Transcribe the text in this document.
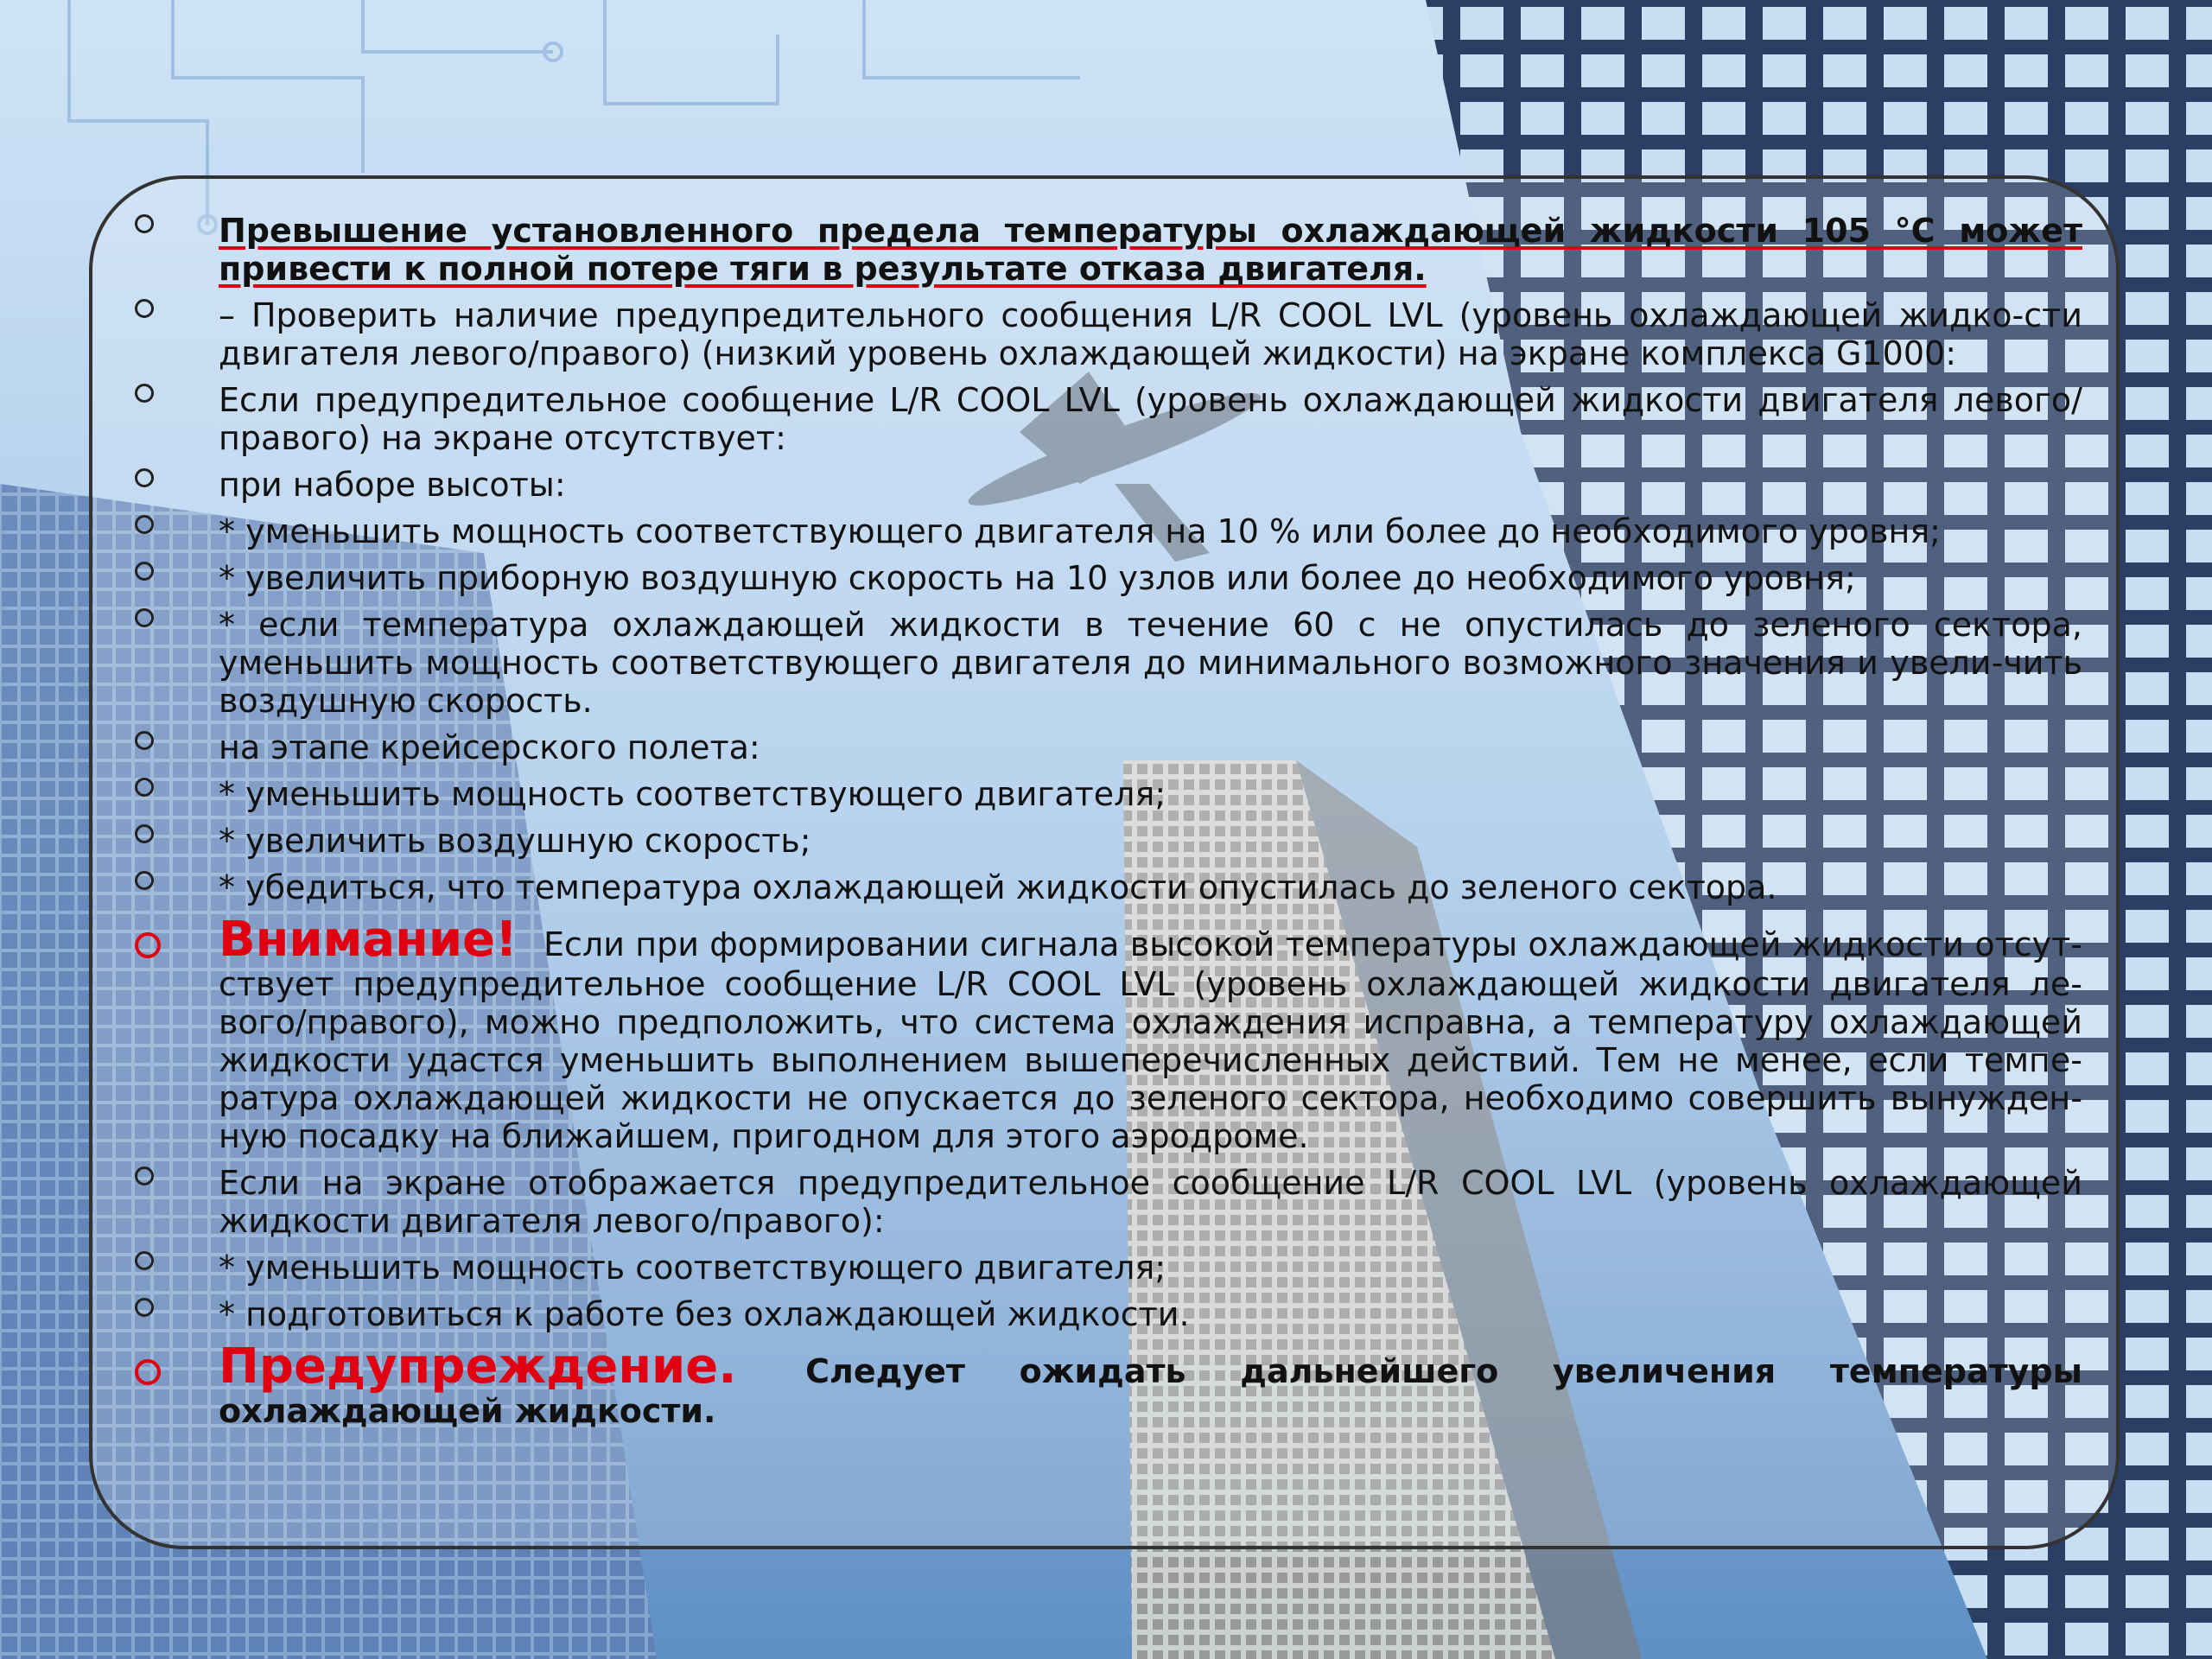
Превышение установленного предела температуры охлаждающей жидкости 105 °C может привести к полной потере тяги в результате отказа двигателя.
– Проверить наличие предупредительного сообщения L/R COOL LVL (уровень охлаждающей жидко-сти двигателя левого/правого) (низкий уровень охлаждающей жидкости) на экране комплекса G1000:
Если предупредительное сообщение L/R COOL LVL (уровень охлаждающей жидкости двигателя левого/правого) на экране отсутствует:
при наборе высоты:
* уменьшить мощность соответствующего двигателя на 10 % или более до необходимого уровня;
* увеличить приборную воздушную скорость на 10 узлов или более до необходимого уровня;
* если температура охлаждающей жидкости в течение 60 с не опустилась до зеленого сектора, уменьшить мощность соответствующего двигателя до минимального возможного значения и увели-чить воздушную скорость.
на этапе крейсерского полета:
* уменьшить мощность соответствующего двигателя;
* увеличить воздушную скорость;
* убедиться, что температура охлаждающей жидкости опустилась до зеленого сектора.
Внимание! Если при формировании сигнала высокой температуры охлаждающей жидкости отсут-ствует предупредительное сообщение L/R COOL LVL (уровень охлаждающей жидкости двигателя ле-вого/правого), можно предположить, что система охлаждения исправна, а температуру охлаждающей жидкости удастся уменьшить выполнением вышеперечисленных действий. Тем не менее, если темпе-ратура охлаждающей жидкости не опускается до зеленого сектора, необходимо совершить вынужден-ную посадку на ближайшем, пригодном для этого аэродроме.
Если на экране отображается предупредительное сообщение L/R COOL LVL (уровень охлаждающей жидкости двигателя левого/правого):
* уменьшить мощность соответствующего двигателя;
* подготовиться к работе без охлаждающей жидкости.
Предупреждение. Следует ожидать дальнейшего увеличения температуры охлаждающей жидкости.
